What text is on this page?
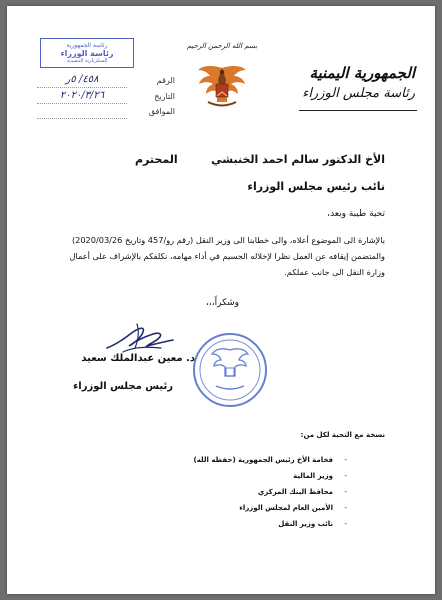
الجمهورية اليمنية
رئاسة مجلس الوزراء
بسم الله الرحمن الرحيم
رئاسة الجمهورية
رئاسة الوزراء
السكرتارية التنفيذية
الرقم
٤٥٨/ ٥ر
التاريخ
٢٠٢٠/٣/٢٦
الموافق
الأخ الدكتور سالم احمد الخنبشي
المحترم
نائب رئيس مجلس الوزراء
تحية طيبة وبعد،
بالإشارة الى الموضوع أعلاه، والى خطابنا الى وزير النقل (رقم رو/457 وتاريخ 2020/03/26) والمتضمن إيقافه عن العمل نظرا لإخلاله الجسيم في أداء مهامه، نكلفكم بالإشراف على أعمال وزارة النقل الى جانب عملكم.
وشكراً،،،
د. معين عبدالملك سعيد
رئيس مجلس الوزراء
نسخة مع التحية لكل من:
- فخامة الأخ رئيس الجمهورية (حفظه الله)
- وزير المالية
- محافظ البنك المركزي
- الأمين العام لمجلس الوزراء
- نائب وزير النقل
